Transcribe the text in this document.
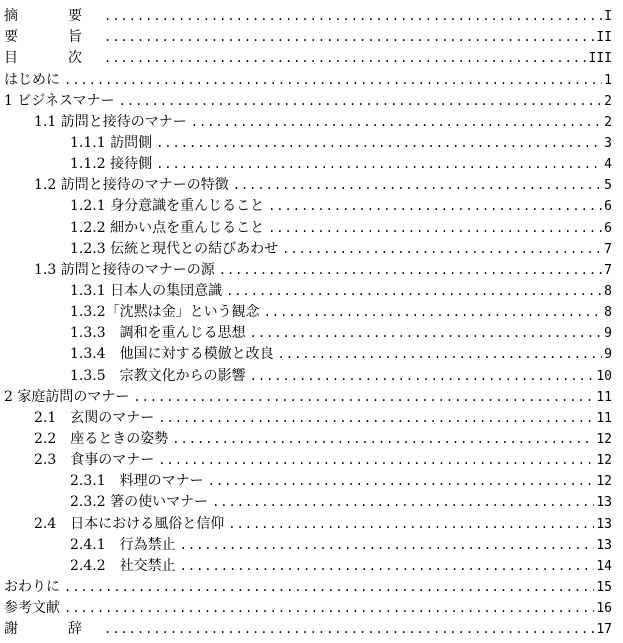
摘　要 .....	I
要　旨 .....	II
目　次 .....	III
はじめに .....	1
1 ビジネスマナー .....	2
1.1 訪問と接待のマナー .....	2
1.1.1 訪問側 .....	3
1.1.2 接待側 .....	4
1.2 訪問と接待のマナーの特徴 .....	5
1.2.1 身分意識を重んじること .....	6
1.2.2 細かい点を重んじること .....	6
1.2.3 伝統と現代との結びあわせ .....	7
1.3 訪問と接待のマナーの源 .....	7
1.3.1 日本人の集団意識 .....	8
1.3.2「沈黙は金」という観念 .....	8
1.3.3　調和を重んじる思想 .....	9
1.3.4　他国に対する模倣と改良 .....	9
1.3.5　宗教文化からの影響 .....	10
2 家庭訪問のマナー .....	11
2.1　玄関のマナー .....	11
2.2　座るときの姿勢 .....	12
2.3　食事のマナー .....	12
2.3.1　料理のマナー .....	12
2.3.2 箸の使いマナー .....	13
2.4　日本における風俗と信仰 .....	13
2.4.1　行為禁止 .....	13
2.4.2　社交禁止 .....	14
おわりに .....	15
参考文献 .....	16
謝　辞 .....	17
